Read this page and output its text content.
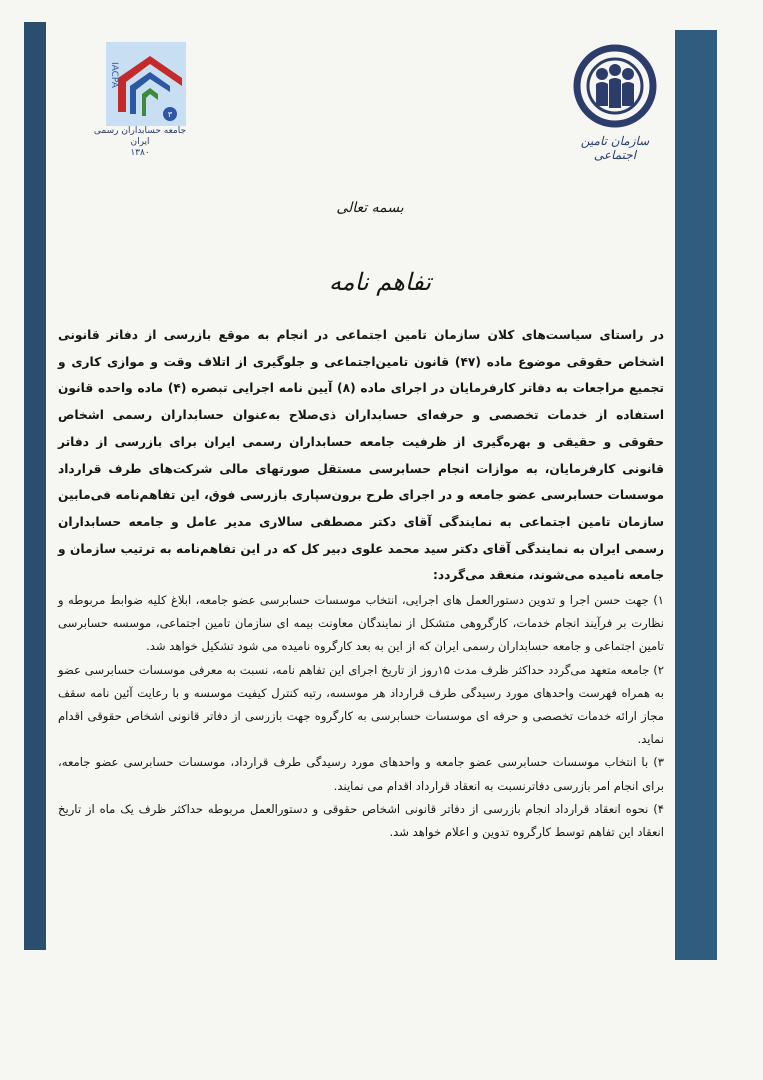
۳
IACPA
جامعه حسابداران رسمی ایران
۱۳۸۰
سازمان تامین اجتماعی
بسمه تعالی
تفاهم نامه

در راستای سیاست‌های کلان سازمان تامین اجتماعی در انجام به موقع بازرسی از دفاتر قانونی اشخاص حقوقی موضوع ماده (۴۷) قانون تامین‌اجتماعی و جلوگیری از اتلاف وقت و موازی کاری و تجمیع مراجعات به دفاتر کارفرمایان در اجرای ماده (۸) آیین نامه اجرایی تبصره (۴) ماده واحده قانون استفاده از خدمات تخصصی و حرفه‌ای حسابداران ذی‌صلاح به‌عنوان حسابداران رسمی اشخاص حقوقی و حقیقی و بهره‌گیری از ظرفیت جامعه حسابداران رسمی ایران برای بازرسی از دفاتر قانونی کارفرمایان، به موازات انجام حسابرسی مستقل صورتهای مالی شرکت‌های طرف قرارداد موسسات حسابرسی عضو جامعه و در اجرای طرح برون‌سپاری بازرسی فوق، این تفاهم‌نامه فی‌مابین سازمان تامین اجتماعی به نمایندگی آقای دکتر مصطفی سالاری مدیر عامل و جامعه حسابداران رسمی ایران به نمایندگی آقای دکتر سید محمد علوی دبیر کل که در این تفاهم‌نامه به ترتیب سازمان و جامعه نامیده می‌شوند، منعقد می‌گردد:

۱) جهت حسن اجرا و تدوین دستورالعمل های اجرایی، انتخاب موسسات حسابرسی عضو جامعه، ابلاغ کلیه ضوابط مربوطه و نظارت بر فرآیند انجام خدمات، کارگروهی متشکل از نمایندگان معاونت بیمه ای سازمان تامین اجتماعی، موسسه حسابرسی تامین اجتماعی و جامعه حسابداران رسمی ایران که از این به بعد کارگروه نامیده می شود تشکیل خواهد شد.

۲) جامعه متعهد می‌گردد حداکثر ظرف مدت ۱۵روز از تاریخ اجرای این تفاهم نامه، نسبت به معرفی موسسات حسابرسی عضو به همراه فهرست واحدهای مورد رسیدگی طرف قرارداد هر موسسه، رتبه کنترل کیفیت موسسه و با رعایت آئین نامه سقف مجاز ارائه خدمات تخصصی و حرفه ای موسسات حسابرسی به کارگروه جهت بازرسی از دفاتر قانونی اشخاص حقوقی اقدام نماید.

۳) با انتخاب موسسات حسابرسی عضو جامعه و واحدهای مورد رسیدگی طرف قرارداد، موسسات حسابرسی عضو جامعه، برای انجام امر بازرسی دفاترنسبت به انعقاد قرارداد اقدام می نمایند.

۴) نحوه انعقاد قرارداد انجام بازرسی از دفاتر قانونی اشخاص حقوقی و دستورالعمل مربوطه حداکثر ظرف یک ماه از تاریخ انعقاد این تفاهم توسط کارگروه تدوین و اعلام خواهد شد.
